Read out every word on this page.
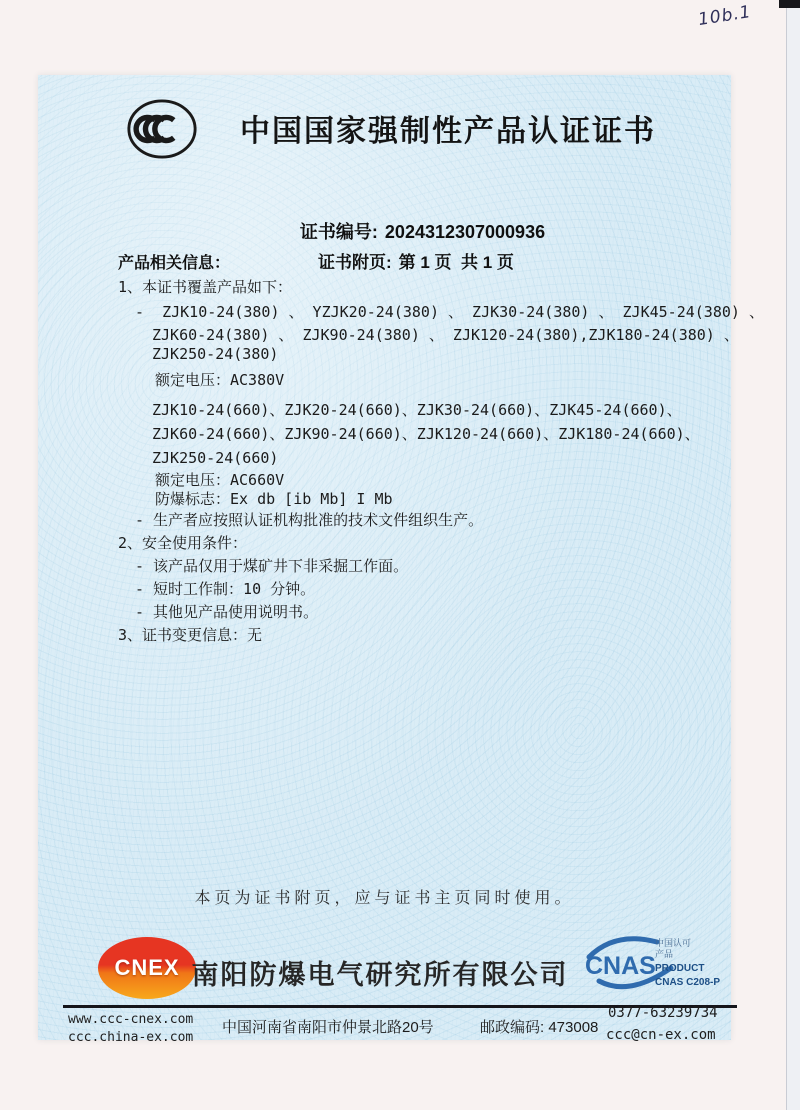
10b.1
中国国家强制性产品认证证书

证书编号: 2024312307000936

证书附页: 第 1 页  共 1 页

产品相关信息：
1、本证书覆盖产品如下：
-  ZJK10-24(380) 、 YZJK20-24(380) 、 ZJK30-24(380) 、 ZJK45-24(380) 、
ZJK60-24(380) 、 ZJK90-24(380) 、 ZJK120-24(380),ZJK180-24(380) 、
ZJK250-24(380)
额定电压：AC380V
ZJK10-24(660)、ZJK20-24(660)、ZJK30-24(660)、ZJK45-24(660)、
ZJK60-24(660)、ZJK90-24(660)、ZJK120-24(660)、ZJK180-24(660)、
ZJK250-24(660)
额定电压：AC660V
防爆标志：Ex db [ib Mb] I Mb
- 生产者应按照认证机构批准的技术文件组织生产。
2、安全使用条件：
- 该产品仅用于煤矿井下非采掘工作面。
- 短时工作制：10 分钟。
- 其他见产品使用说明书。
3、证书变更信息：无
本页为证书附页，应与证书主页同时使用。
CNEX 南阳防爆电气研究所有限公司 CNAS
中国认可
产品
PRODUCT
CNAS C208-P
www.ccc-cnex.com
ccc.china-ex.com
中国河南省南阳市仲景北路20号	邮政编码: 473008
0377-63239734
ccc@cn-ex.com
